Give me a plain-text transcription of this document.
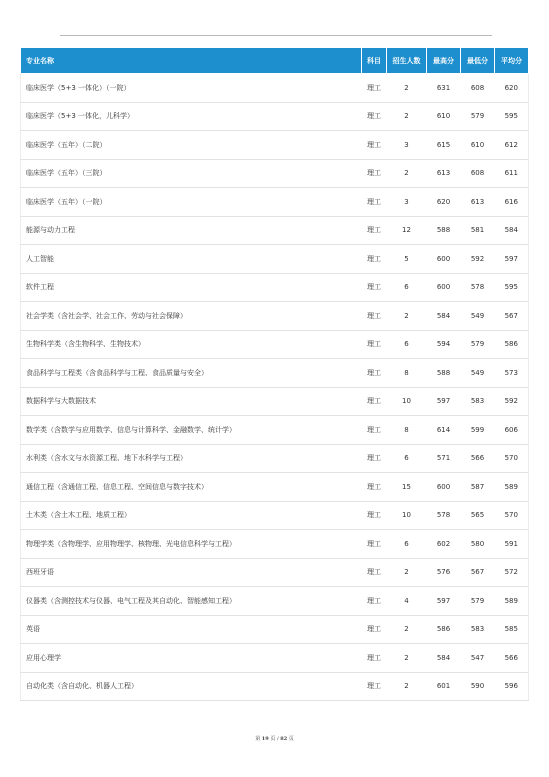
专业名称	科目	招生人数	最高分	最低分	平均分
临床医学（5+3 一体化）（一院）	理工	2	631	608	620
临床医学（5+3 一体化，儿科学）	理工	2	610	579	595
临床医学（五年）（二院）	理工	3	615	610	612
临床医学（五年）（三院）	理工	2	613	608	611
临床医学（五年）（一院）	理工	3	620	613	616
能源与动力工程	理工	12	588	581	584
人工智能	理工	5	600	592	597
软件工程	理工	6	600	578	595
社会学类（含社会学、社会工作、劳动与社会保障）	理工	2	584	549	567
生物科学类（含生物科学、生物技术）	理工	6	594	579	586
食品科学与工程类（含食品科学与工程、食品质量与安全）	理工	8	588	549	573
数据科学与大数据技术	理工	10	597	583	592
数学类（含数学与应用数学、信息与计算科学、金融数学、统计学）	理工	8	614	599	606
水利类（含水文与水资源工程、地下水科学与工程）	理工	6	571	566	570
通信工程（含通信工程、信息工程、空间信息与数字技术）	理工	15	600	587	589
土木类（含土木工程、地质工程）	理工	10	578	565	570
物理学类（含物理学、应用物理学、核物理、光电信息科学与工程）	理工	6	602	580	591
西班牙语	理工	2	576	567	572
仪器类（含测控技术与仪器、电气工程及其自动化、智能感知工程）	理工	4	597	579	589
英语	理工	2	586	583	585
应用心理学	理工	2	584	547	566
自动化类（含自动化、机器人工程）	理工	2	601	590	596
第 19 页 / 82 页
